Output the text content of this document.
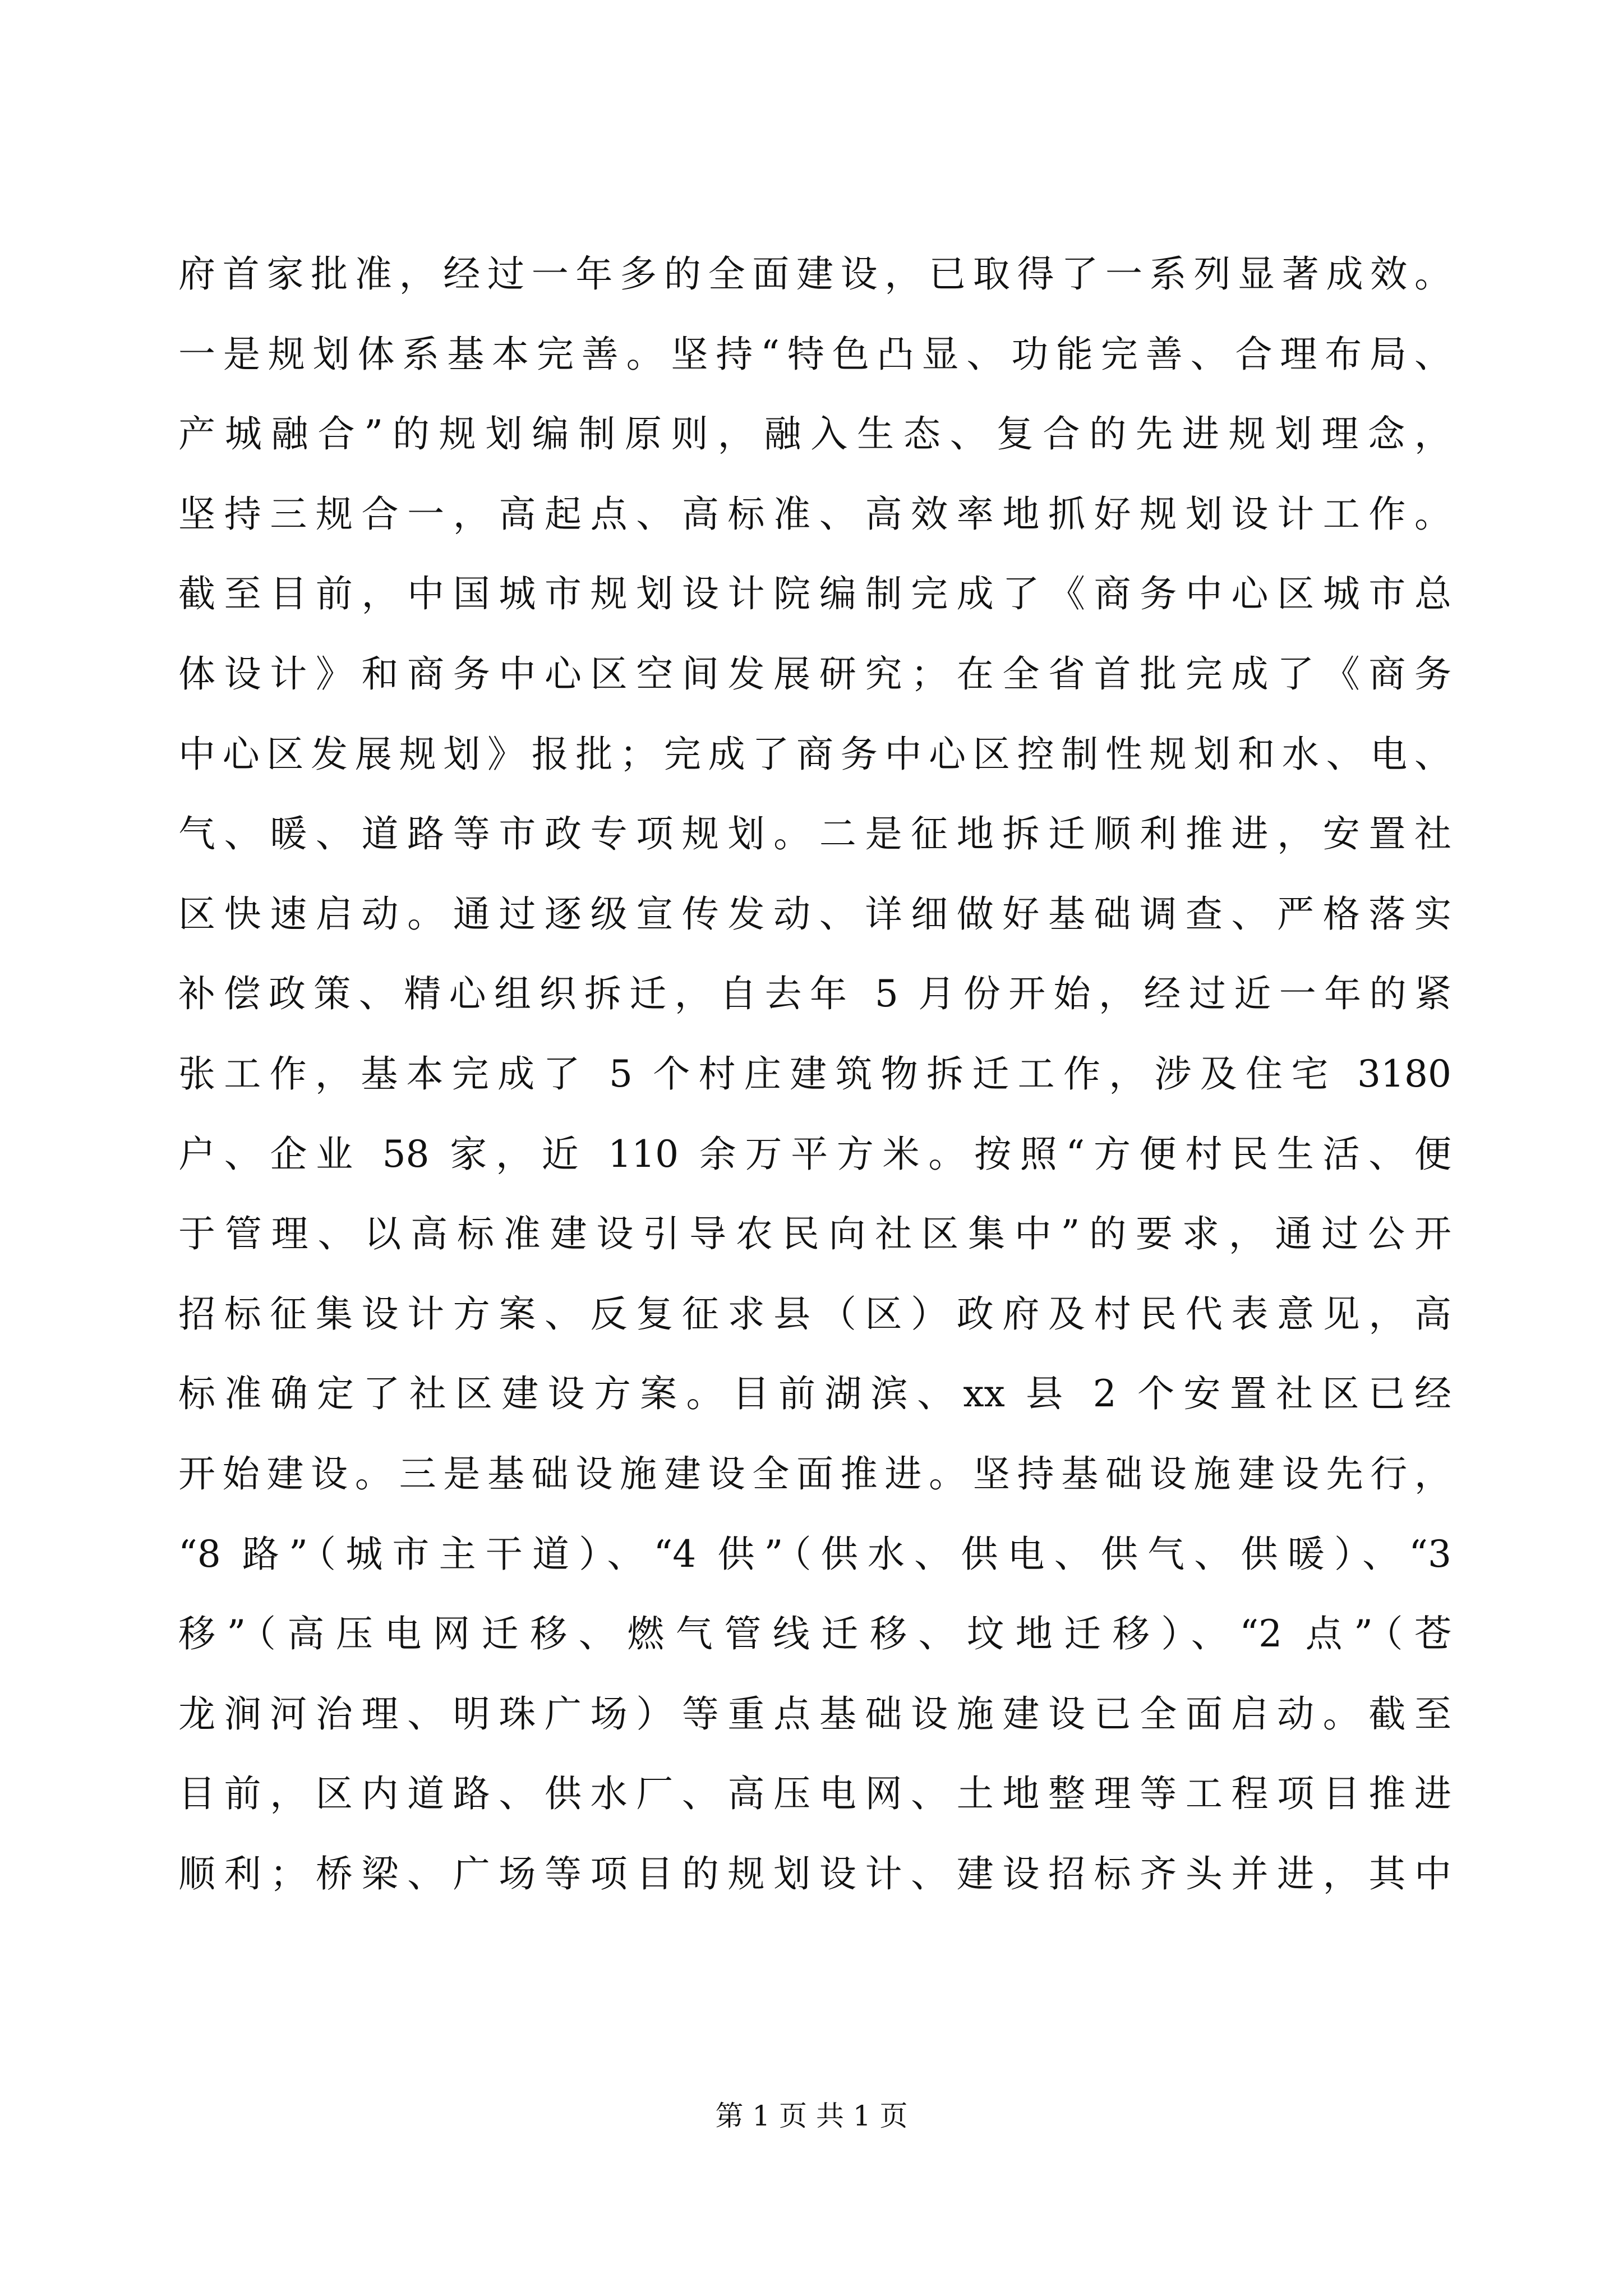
府首家批准，经过一年多的全面建设，已取得了一系列显著成效。
一是规划体系基本完善。坚持“特色凸显、功能完善、合理布局、
产城融合”的规划编制原则，融入生态、复合的先进规划理念，
坚持三规合一，高起点、高标准、高效率地抓好规划设计工作。
截至目前，中国城市规划设计院编制完成了《商务中心区城市总
体设计》和商务中心区空间发展研究；在全省首批完成了《商务
中心区发展规划》报批；完成了商务中心区控制性规划和水、电、
气、暖、道路等市政专项规划。二是征地拆迁顺利推进，安置社
区快速启动。通过逐级宣传发动、详细做好基础调查、严格落实
补偿政策、精心组织拆迁，自去年 5 月份开始，经过近一年的紧
张工作，基本完成了 5 个村庄建筑物拆迁工作，涉及住宅 3180
户、企业 58 家，近 110 余万平方米。按照“方便村民生活、便
于管理、以高标准建设引导农民向社区集中”的要求，通过公开
招标征集设计方案、反复征求县（区）政府及村民代表意见，高
标准确定了社区建设方案。目前湖滨、xx 县 2 个安置社区已经
开始建设。三是基础设施建设全面推进。坚持基础设施建设先行，
“8 路”（城市主干道）、“4 供”（供水、供电、供气、供暖）、“3
移”（高压电网迁移、燃气管线迁移、坟地迁移）、“2 点”（苍
龙涧河治理、明珠广场）等重点基础设施建设已全面启动。截至
目前，区内道路、供水厂、高压电网、土地整理等工程项目推进
顺利；桥梁、广场等项目的规划设计、建设招标齐头并进，其中
第 1 页 共 1 页
